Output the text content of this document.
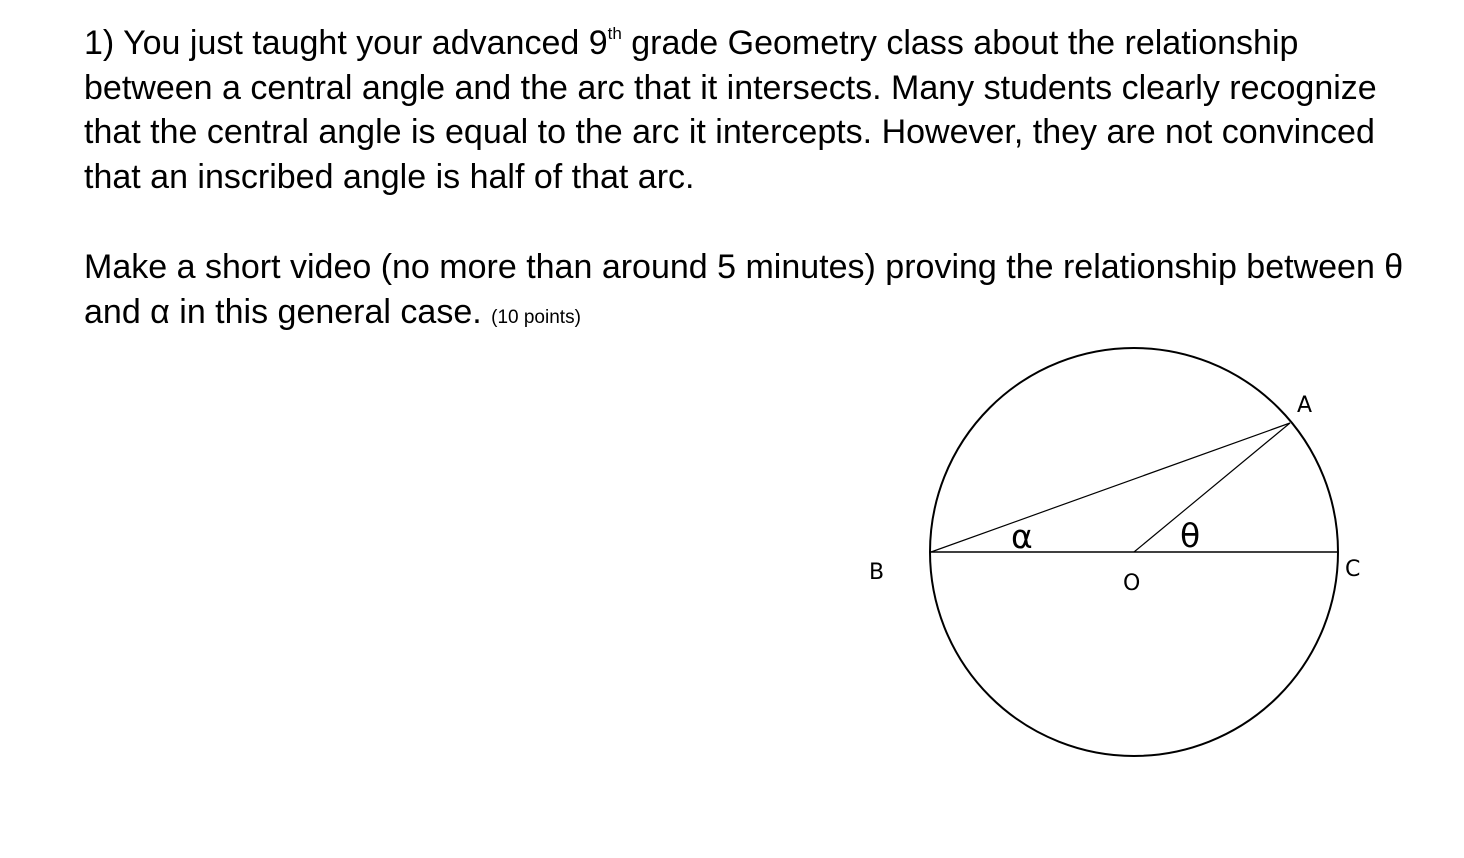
1) You just taught your advanced 9th grade Geometry class about the relationship between a central angle and the arc that it intersects. Many students clearly recognize that the central angle is equal to the arc it intercepts. However, they are not convinced that an inscribed angle is half of that arc.

Make a short video (no more than around 5 minutes) proving the relationship between θ and α in this general case. (10 points)

A
B	C
O
α	θ
